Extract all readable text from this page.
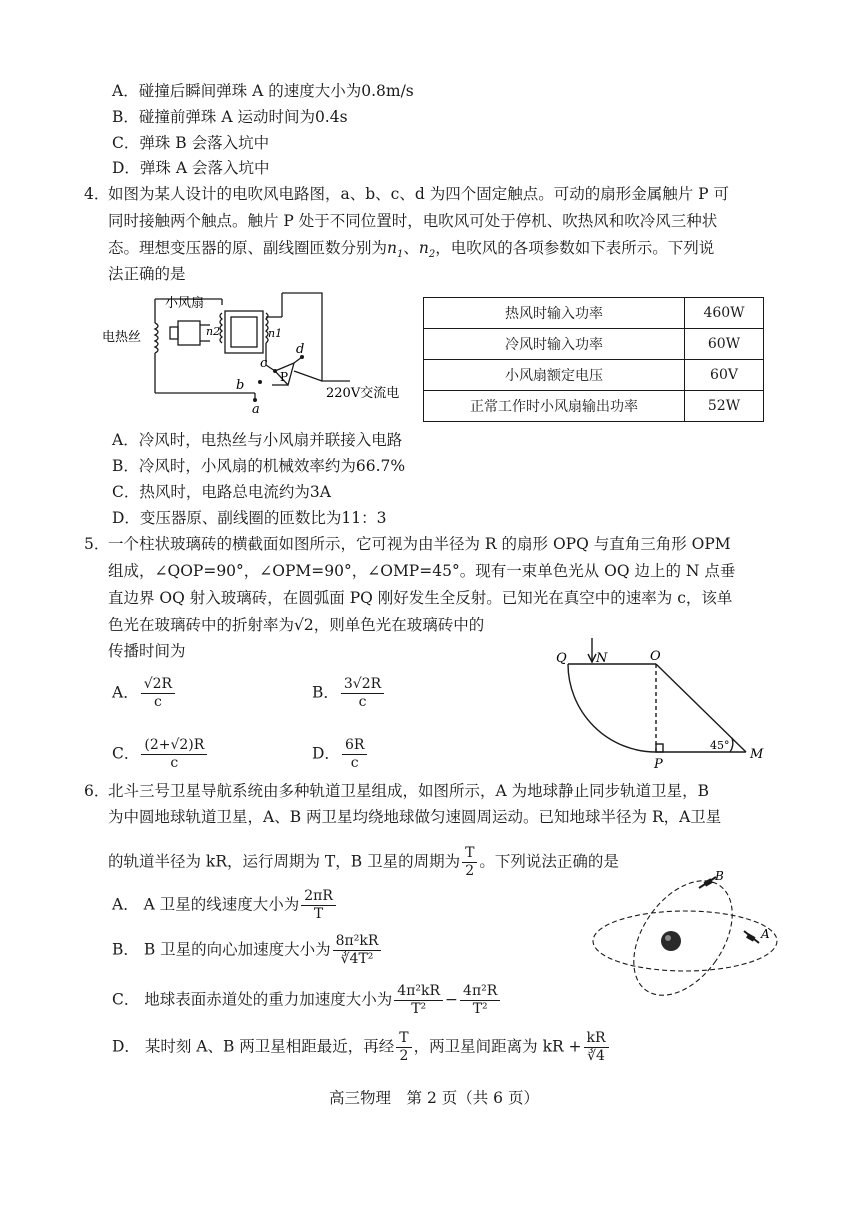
A．碰撞后瞬间弹珠 A 的速度大小为0.8m/s
B．碰撞前弹珠 A 运动时间为0.4s
C．弹珠 B 会落入坑中
D．弹珠 A 会落入坑中
4．
如图为某人设计的电吹风电路图，a、b、c、d 为四个固定触点。可动的扇形金属触片 P 可
同时接触两个触点。触片 P 处于不同位置时，电吹风可处于停机、吹热风和吹冷风三种状
态。理想变压器的原、副线圈匝数分别为$n_1$、$n_2$，电吹风的各项参数如下表所示。下列说
法正确的是
小风扇
电热丝	n2	n1
a
b
c
d
P
220V交流电
热风时输入功率	460W
冷风时输入功率	60W
小风扇额定电压	60V
正常工作时小风扇输出功率	52W
A．冷风时，电热丝与小风扇并联接入电路
B．冷风时，小风扇的机械效率约为66.7%
C．热风时，电路总电流约为3A
D．变压器原、副线圈的匝数比为11：3
5．
一个柱状玻璃砖的横截面如图所示，它可视为由半径为 R 的扇形 OPQ 与直角三角形 OPM
组成，∠QOP=90°，∠OPM=90°，∠OMP=45°。现有一束单色光从 OQ 边上的 N 点垂
直边界 OQ 射入玻璃砖，在圆弧面 PQ 刚好发生全反射。已知光在真空中的速率为 c，该单
色光在玻璃砖中的折射率为√2，则单色光在玻璃砖中的
传播时间为
A． $\frac{√2R}{c}$	B． $\frac{3√2R}{c}$
C． $\frac{(2+√2)R}{c}$	D． $\frac{6R}{c}$
Q N	O
P
M
45°
6．
北斗三号卫星导航系统由多种轨道卫星组成，如图所示，A 为地球静止同步轨道卫星，B
为中圆地球轨道卫星，A、B 两卫星均绕地球做匀速圆周运动。已知地球半径为 R，A卫星
的轨道半径为 kR，运行周期为 T，B 卫星的周期为 $\frac{T}{2}$ 。下列说法正确的是
A． A 卫星的线速度大小为 $\frac{2\pi R}{T}$
B． B 卫星的向心加速度大小为 $\frac{\text{8π²kR}}{\text{∛4T²}}$
C． 地球表面赤道处的重力加速度大小为 $\frac{\text{4π²kR}}{\text{T²}} - \frac{\text{4π²R}}{\text{T²}}$
D． 某时刻 A、B 两卫星相距最近，再经 $\frac{T}{2}$ ，两卫星间距离为 kR + $\frac{kR}{∛4}$
B
A
高三物理　第 2 页（共 6 页）
